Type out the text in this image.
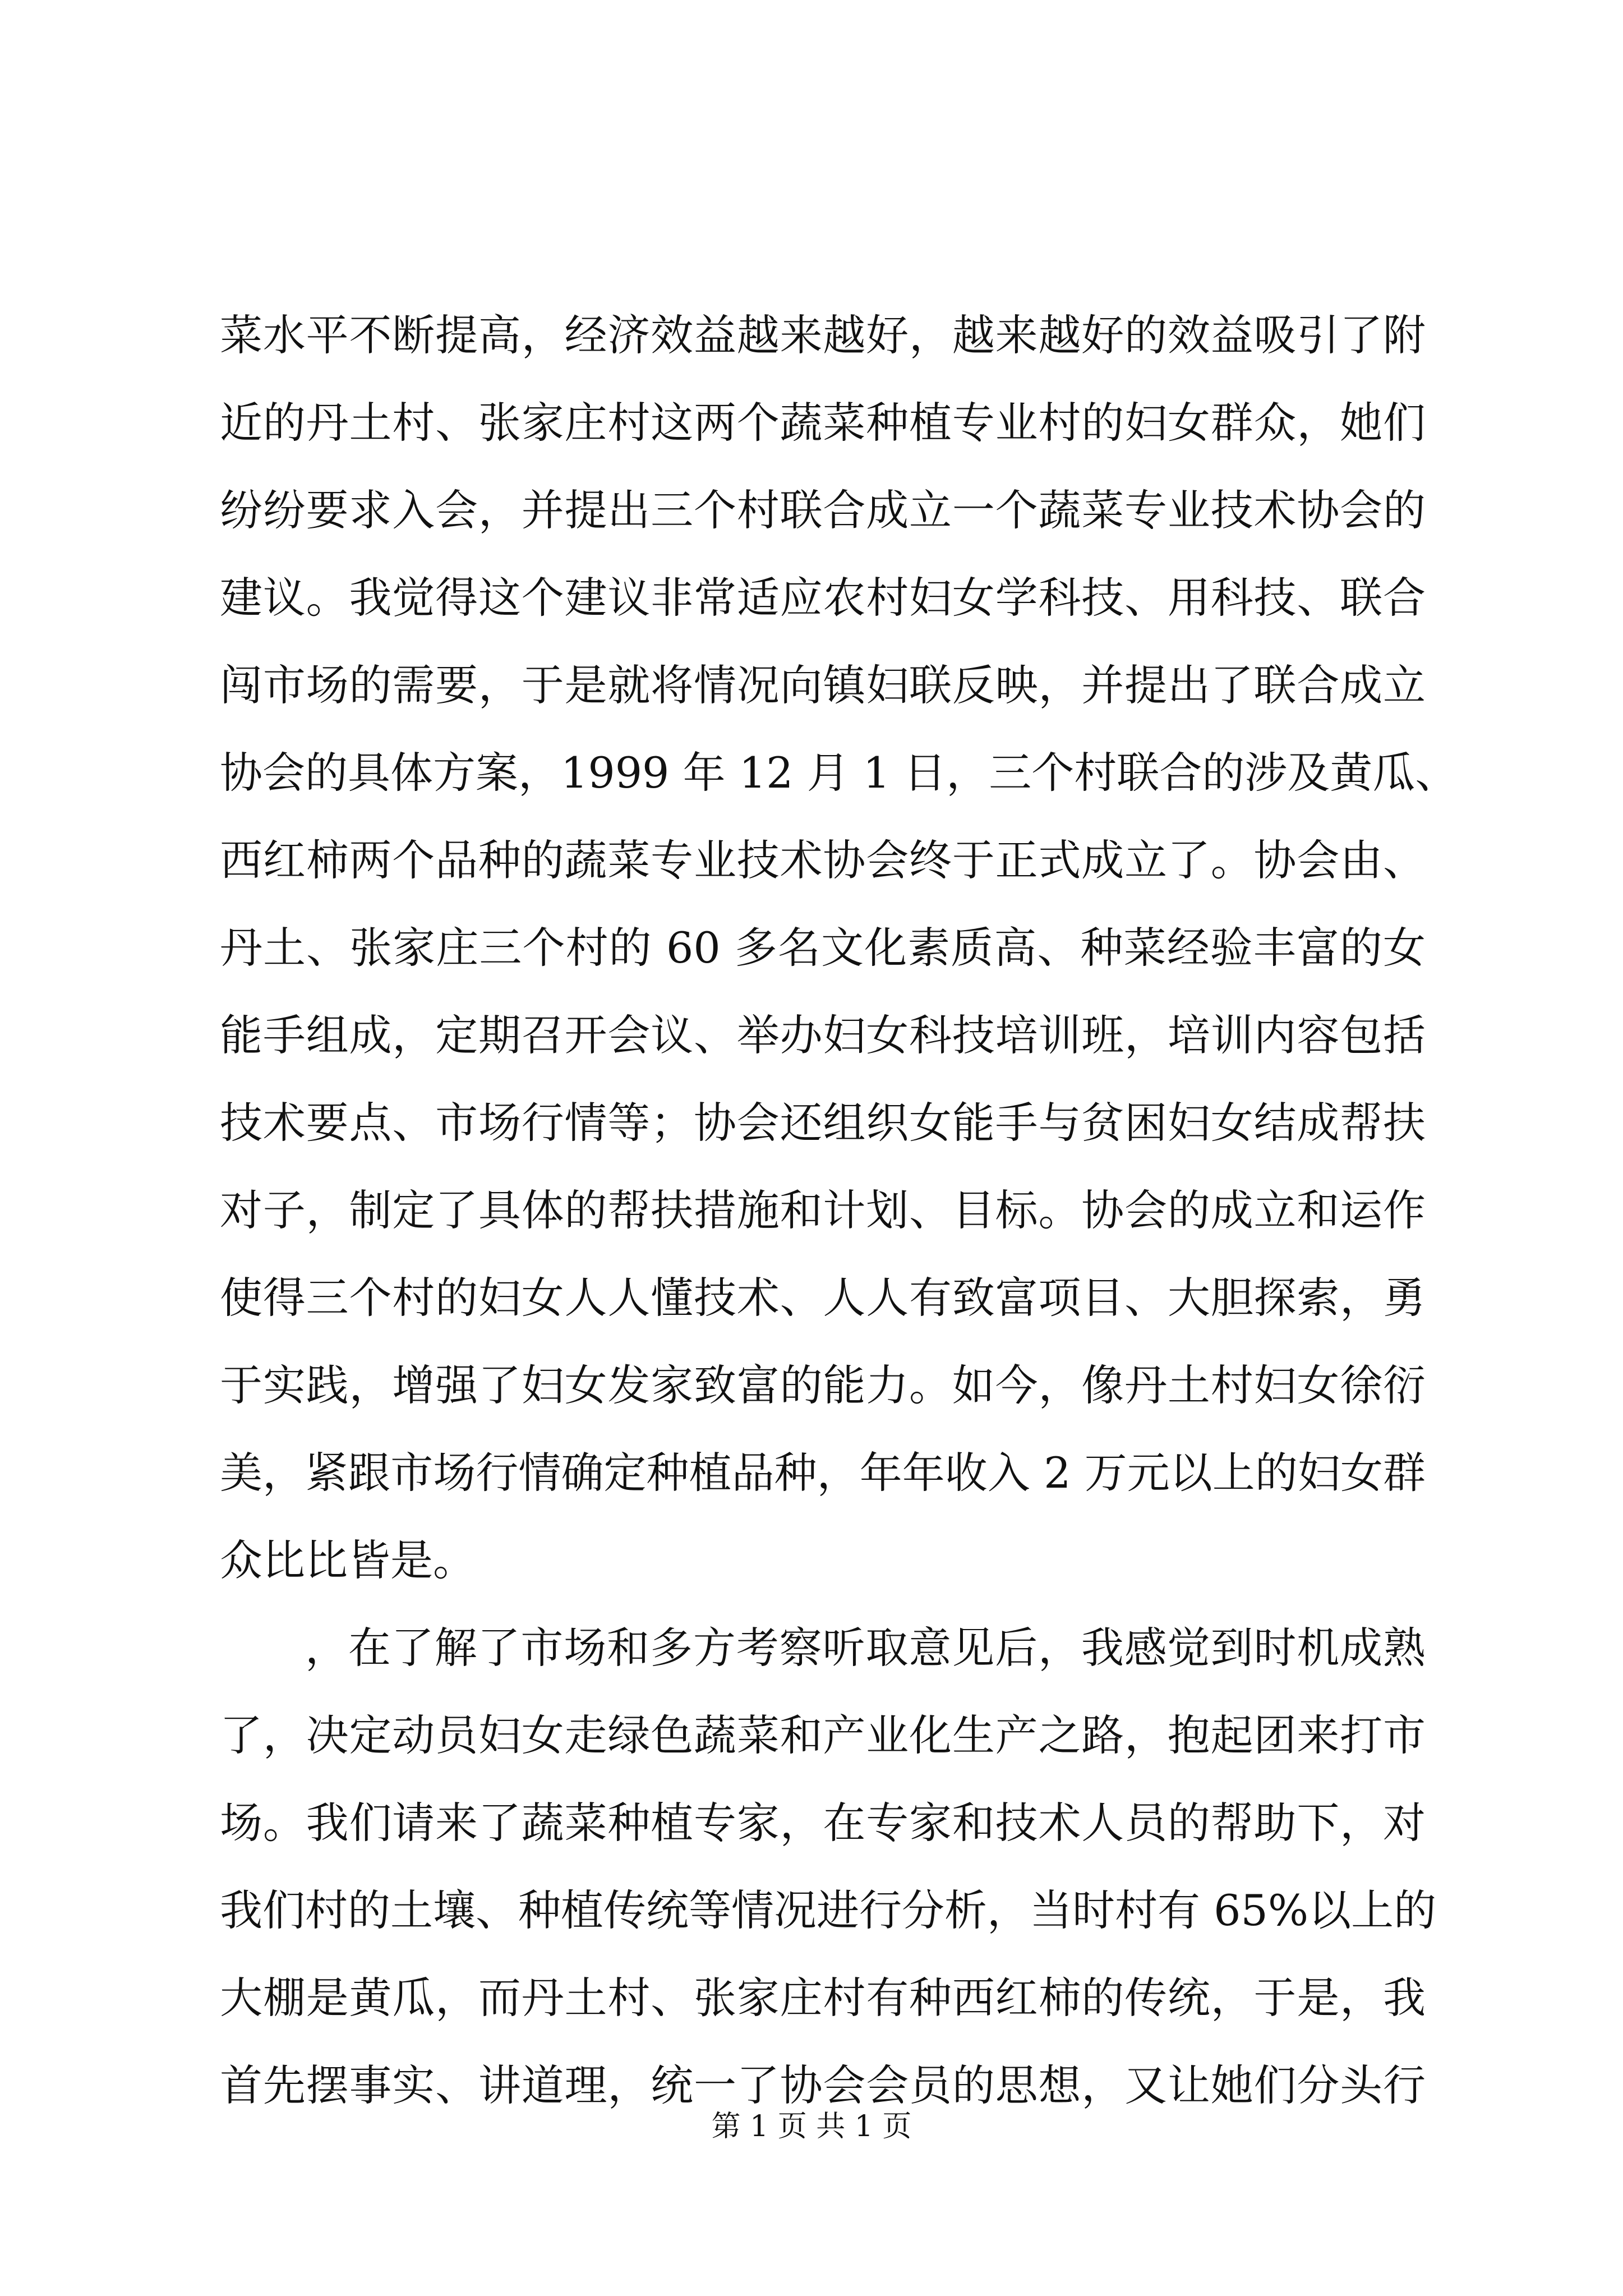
菜水平不断提高，经济效益越来越好，越来越好的效益吸引了附
近的丹土村、张家庄村这两个蔬菜种植专业村的妇女群众，她们
纷纷要求入会，并提出三个村联合成立一个蔬菜专业技术协会的
建议。我觉得这个建议非常适应农村妇女学科技、用科技、联合
闯市场的需要，于是就将情况向镇妇联反映，并提出了联合成立
协会的具体方案，1999 年 12 月 1 日，三个村联合的涉及黄瓜、
西红柿两个品种的蔬菜专业技术协会终于正式成立了。协会由、
丹土、张家庄三个村的 60 多名文化素质高、种菜经验丰富的女
能手组成，定期召开会议、举办妇女科技培训班，培训内容包括
技术要点、市场行情等；协会还组织女能手与贫困妇女结成帮扶
对子，制定了具体的帮扶措施和计划、目标。协会的成立和运作
使得三个村的妇女人人懂技术、人人有致富项目、大胆探索，勇
于实践，增强了妇女发家致富的能力。如今，像丹土村妇女徐衍
美，紧跟市场行情确定种植品种，年年收入 2 万元以上的妇女群
众比比皆是。
，在了解了市场和多方考察听取意见后，我感觉到时机成熟
了，决定动员妇女走绿色蔬菜和产业化生产之路，抱起团来打市
场。我们请来了蔬菜种植专家，在专家和技术人员的帮助下，对
我们村的土壤、种植传统等情况进行分析，当时村有 65%以上的
大棚是黄瓜，而丹土村、张家庄村有种西红柿的传统，于是，我
首先摆事实、讲道理，统一了协会会员的思想，又让她们分头行
第 1 页 共 1 页
